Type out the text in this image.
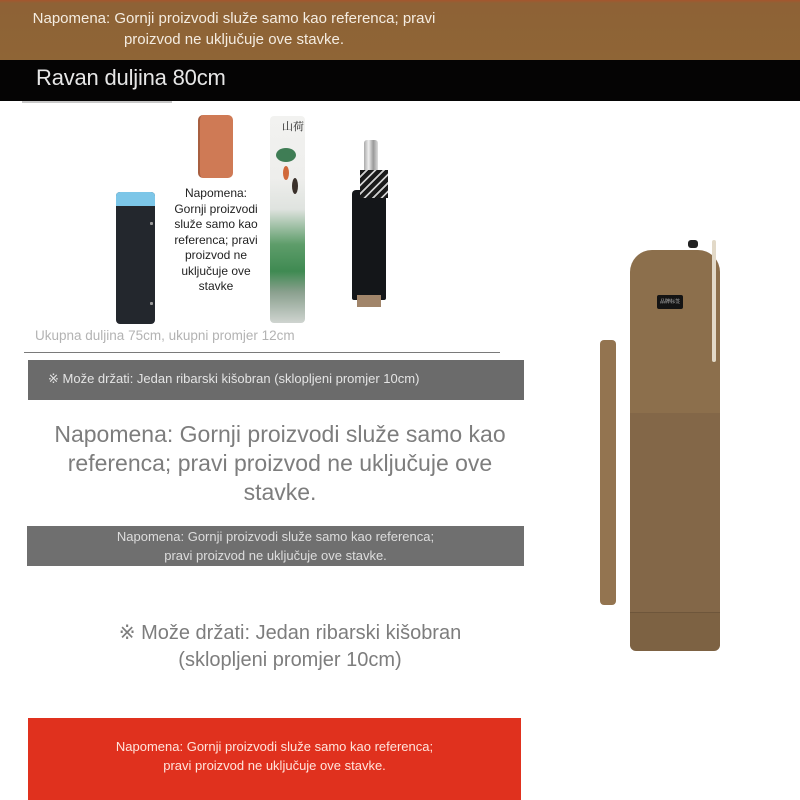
Napomena: Gornji proizvodi služe samo kao referenca; pravi proizvod ne uključuje ove stavke.
Ravan duljina 80cm
山荷
Napomena: Gornji proizvodi služe samo kao referenca; pravi proizvod ne uključuje ove stavke
Ukupna duljina 75cm, ukupni promjer 12cm
※ Može držati: Jedan ribarski kišobran (sklopljeni promjer 10cm)
Napomena: Gornji proizvodi služe samo kao referenca; pravi proizvod ne uključuje ove stavke.
Napomena: Gornji proizvodi služe samo kao referenca;
pravi proizvod ne uključuje ove stavke.
※ Može držati: Jedan ribarski kišobran
(sklopljeni promjer 10cm)
Napomena: Gornji proizvodi služe samo kao referenca;
pravi proizvod ne uključuje ove stavke.
品牌标签
